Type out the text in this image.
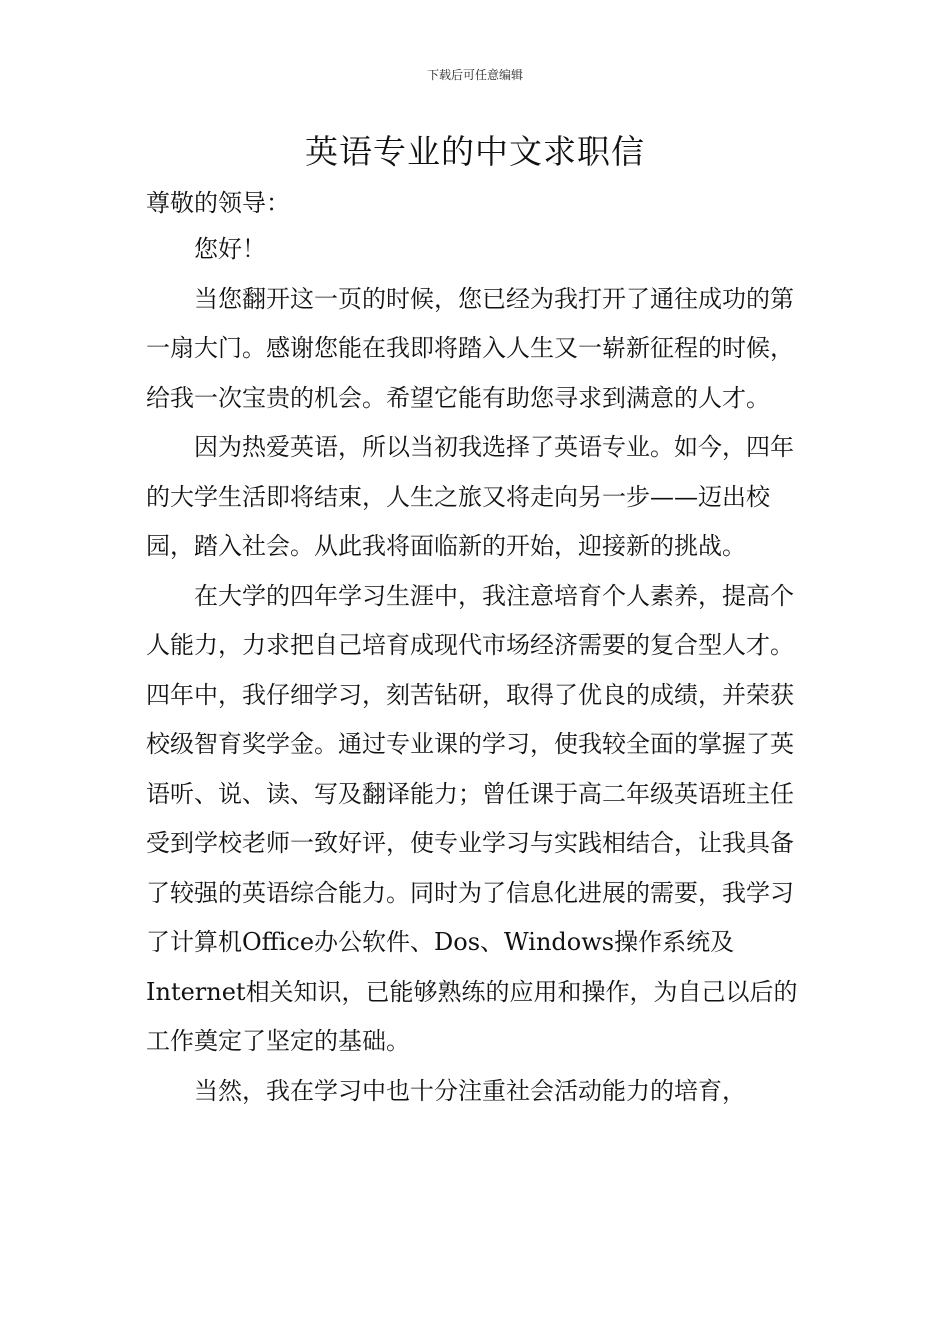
下载后可任意编辑
英语专业的中文求职信
尊敬的领导：

您好！

当您翻开这一页的时候，您已经为我打开了通往成功的第一扇大门。感谢您能在我即将踏入人生又一崭新征程的时候，给我一次宝贵的机会。希望它能有助您寻求到满意的人才。

因为热爱英语，所以当初我选择了英语专业。如今，四年的大学生活即将结束，人生之旅又将走向另一步——迈出校园，踏入社会。从此我将面临新的开始，迎接新的挑战。

在大学的四年学习生涯中，我注意培育个人素养，提高个人能力，力求把自己培育成现代市场经济需要的复合型人才。四年中，我仔细学习，刻苦钻研，取得了优良的成绩，并荣获校级智育奖学金。通过专业课的学习，使我较全面的掌握了英语听、说、读、写及翻译能力；曾任课于高二年级英语班主任受到学校老师一致好评，使专业学习与实践相结合，让我具备了较强的英语综合能力。同时为了信息化进展的需要，我学习了计算机Office办公软件、Dos、Windows操作系统及Internet相关知识，已能够熟练的应用和操作，为自己以后的工作奠定了坚定的基础。

当然，我在学习中也十分注重社会活动能力的培育，
